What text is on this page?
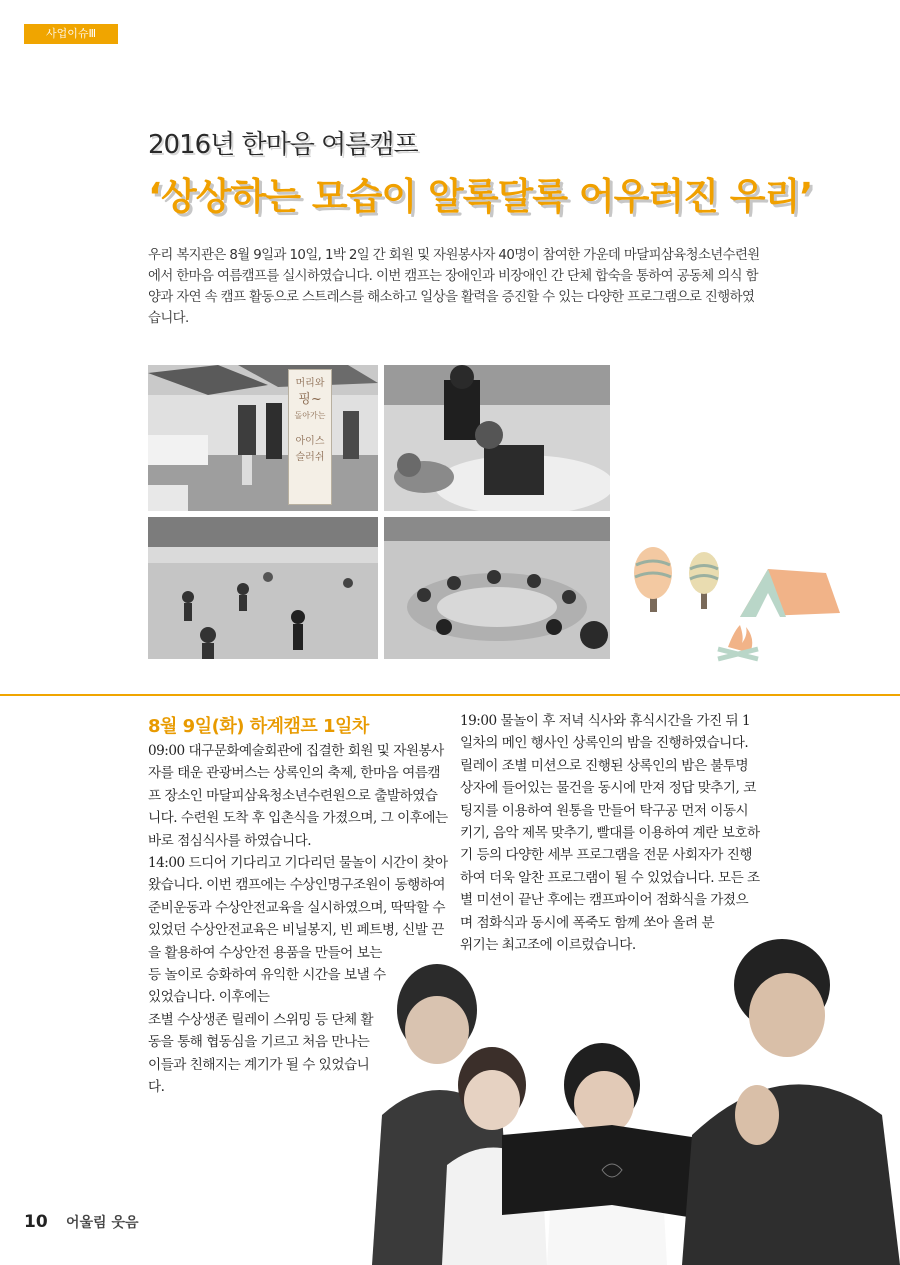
사업이슈Ⅲ
2016년 한마음 여름캠프
‘상상하는 모습이 알록달록 어우러진 우리’
우리 복지관은 8월 9일과 10일, 1박 2일 간 회원 및 자원봉사자 40명이 참여한 가운데 마달피삼육청소년수련원에서 한마음 여름캠프를 실시하였습니다. 이번 캠프는 장애인과 비장애인 간 단체 합숙을 통하여 공동체 의식 함양과 자연 속 캠프 활동으로 스트레스를 해소하고 일상을 활력을 증진할 수 있는 다양한 프로그램으로 진행하였습니다.
머리와
핑~
돌아가는
아이스
슬러쉬
8월 9일(화) 하계캠프 1일차

09:00 대구문화예술회관에 집결한 회원 및 자원봉사자를 태운 관광버스는 상록인의 축제, 한마음 여름캠프 장소인 마달피삼육청소년수련원으로 출발하였습니다. 수련원 도착 후 입촌식을 가졌으며, 그 이후에는 바로 점심식사를 하였습니다.

14:00 드디어 기다리고 기다리던 물놀이 시간이 찾아왔습니다. 이번 캠프에는 수상인명구조원이 동행하여 준비운동과 수상안전교육을 실시하였으며, 딱딱할 수 있었던 수상안전교육은 비닐봉지, 빈 페트병, 신발 끈

을 활용하여 수상안전 용품을 만들어 보는 등 놀이로 승화하여 유익한 시간을 보낼 수 있었습니다. 이후에는

조별 수상생존 릴레이 스위밍 등 단체 활동을 통해 협동심을 기르고 처음 만나는 이들과 친해지는 계기가 될 수 있었습니다.

19:00 물놀이 후 저녁 식사와 휴식시간을 가진 뒤 1일차의 메인 행사인 상록인의 밤을 진행하였습니다. 릴레이 조별 미션으로 진행된 상록인의 밤은 불투명 상자에 들어있는 물건을 동시에 만져 정답 맞추기, 코팅지를 이용하여 원통을 만들어 탁구공 먼저 이동시키기, 음악 제목 맞추기, 빨대를 이용하여 계란 보호하기 등의 다양한 세부 프로그램을 전문 사회자가 진행하여 더욱 알찬 프로그램이 될 수 있었습니다. 모든 조별 미션이 끝난 후에는 캠프파이어 점화식을 가졌으

며 점화식과 동시에 폭죽도 함께 쏘아 올려 분위기는 최고조에 이르렀습니다.

10 어울림 웃음
